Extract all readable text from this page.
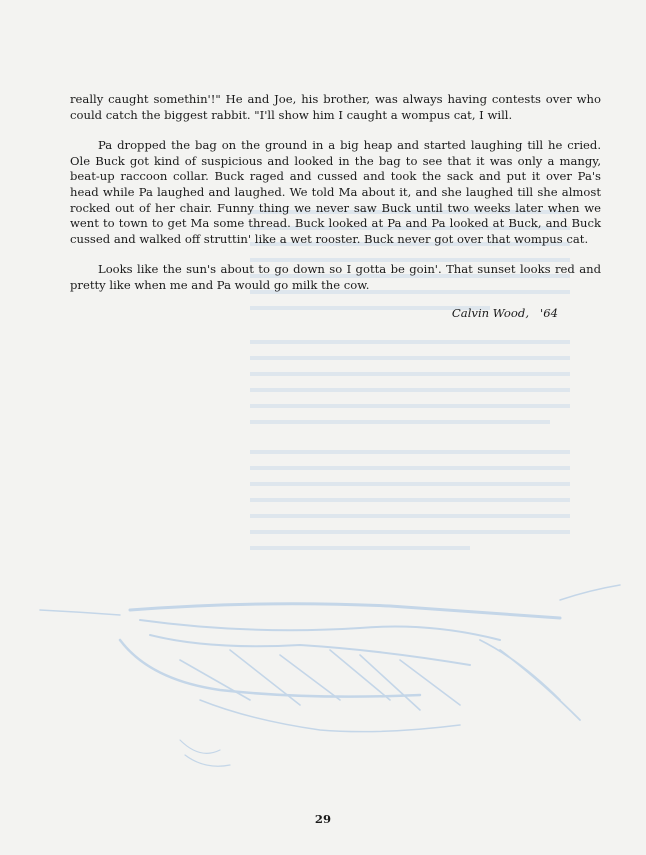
really caught somethin'!" He and Joe, his brother, was always having contests over who could catch the biggest rabbit. "I'll show him I caught a wompus cat, I will.

Pa dropped the bag on the ground in a big heap and started laughing till he cried. Ole Buck got kind of suspicious and looked in the bag to see that it was only a mangy, beat-up raccoon collar. Buck raged and cussed and took the sack and put it over Pa's head while Pa laughed and laughed. We told Ma about it, and she laughed till she almost rocked out of her chair. Funny thing we never saw Buck until two weeks later when we went to town to get Ma some thread. Buck looked at Pa and Pa looked at Buck, and Buck cussed and walked off struttin' like a wet rooster. Buck never got over that wompus cat.

Looks like the sun's about to go down so I gotta be goin'. That sunset looks red and pretty like when me and Pa would go milk the cow.

Calvin Wood,   '64
29
